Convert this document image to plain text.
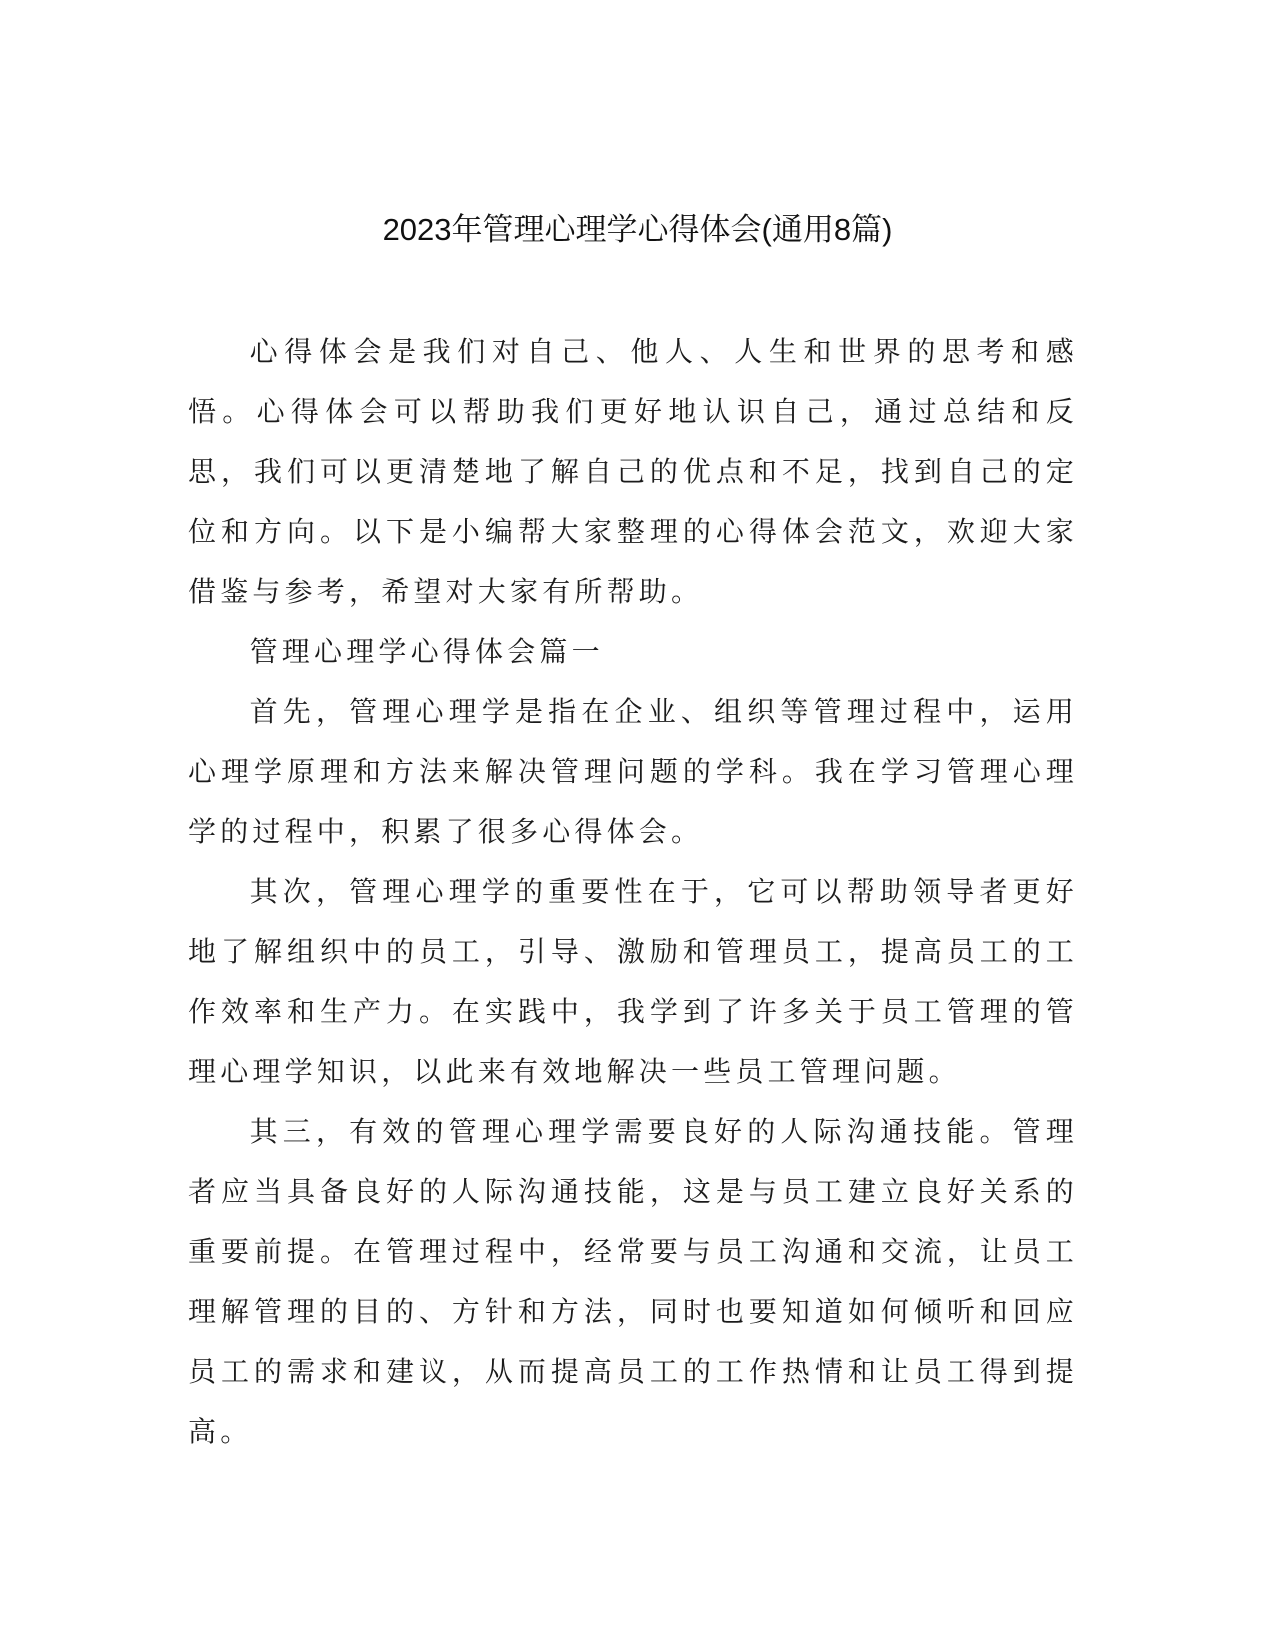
2023年管理心理学心得体会(通用8篇)

心得体会是我们对自己、他人、人生和世界的思考和感悟。心得体会可以帮助我们更好地认识自己，通过总结和反思，我们可以更清楚地了解自己的优点和不足，找到自己的定位和方向。以下是小编帮大家整理的心得体会范文，欢迎大家借鉴与参考，希望对大家有所帮助。

管理心理学心得体会篇一

首先，管理心理学是指在企业、组织等管理过程中，运用心理学原理和方法来解决管理问题的学科。我在学习管理心理学的过程中，积累了很多心得体会。

其次，管理心理学的重要性在于，它可以帮助领导者更好地了解组织中的员工，引导、激励和管理员工，提高员工的工作效率和生产力。在实践中，我学到了许多关于员工管理的管理心理学知识，以此来有效地解决一些员工管理问题。

其三，有效的管理心理学需要良好的人际沟通技能。管理者应当具备良好的人际沟通技能，这是与员工建立良好关系的重要前提。在管理过程中，经常要与员工沟通和交流，让员工理解管理的目的、方针和方法，同时也要知道如何倾听和回应员工的需求和建议，从而提高员工的工作热情和让员工得到提高。
